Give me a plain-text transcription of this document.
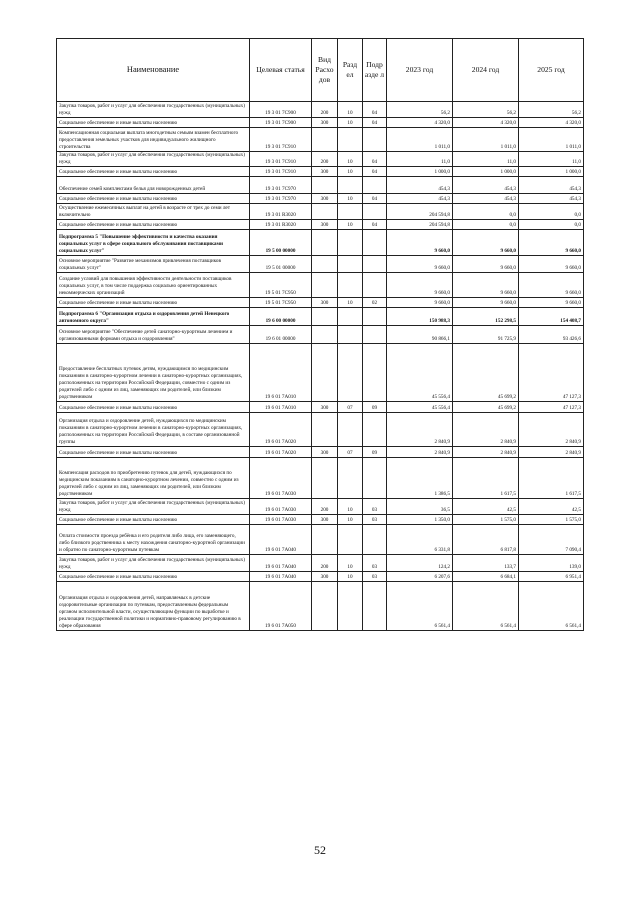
Наименование	Целевая статья	Вид Расхо дов	Разд ел	Подр азде л	2023 год	2024 год	2025 год
Закупка товаров, работ и услуг для обеспечения государственных (муниципальных) нужд	19 3 01 7С900	200	10	04	56,2	56,2	56,2
Социальное обеспечение и иные выплаты населению	19 3 01 7С900	300	10	04	4 320,0	4 320,0	4 320,0
Компенсационная социальная выплата многодетным семьям взамен бесплатного предоставления земельных участков для индивидуального жилищного строительства	19 3 01 7С910				1 011,0	1 011,0	1 011,0
Закупка товаров, работ и услуг для обеспечения государственных (муниципальных) нужд	19 3 01 7С910	200	10	04	11,0	11,0	11,0
Социальное обеспечение и иные выплаты населению	19 3 01 7С910	300	10	04	1 000,0	1 000,0	1 000,0
Обеспечение семей комплектами белья для новорожденных детей	19 3 01 7С970				454,3	454,3	454,3
Социальное обеспечение и иные выплаты населению	19 3 01 7С970	300	10	04	454,3	454,3	454,3
Осуществление ежемесячных выплат на детей в возрасте от трех до семи лет включительно	19 3 01 R3020				204 594,8	0,0	0,0
Социальное обеспечение и иные выплаты населению	19 3 01 R3020	300	10	04	204 594,8	0,0	0,0
Подпрограмма 5 "Повышение эффективности и качества оказания социальных услуг в сфере социального обслуживания поставщиками социальных услуг"	19 5 00 00000				9 660,0	9 660,0	9 660,0
Основное мероприятие "Развитие механизмов привлечения поставщиков социальных услуг"	19 5 01 00000				9 660,0	9 660,0	9 660,0
Создание условий для повышения эффективности деятельности поставщиков социальных услуг, в том числе поддержка социально ориентированных некоммерческих организаций	19 5 01 7С950				9 660,0	9 660,0	9 660,0
Социальное обеспечение и иные выплаты населению	19 5 01 7С950	300	10	02	9 660,0	9 660,0	9 660,0
Подпрограмма 6 "Организация отдыха и оздоровления детей Ненецкого автономного округа"	19 6 00 00000				150 988,3	152 298,5	154 408,7
Основное мероприятие "Обеспечение детей санаторно-курортным лечением и организованными формами отдыха и оздоровления"	19 6 01 00000				90 866,1	91 725,9	93 426,6
Предоставление бесплатных путевок детям, нуждающимся по медицинским показаниям в санаторно-курортном лечении в санаторно-курортных организациях, расположенных на территории Российской Федерации, совместно с одним из родителей либо с одним из лиц, заменяющих им родителей, или близким родственником	19 6 01 7А010				45 556,4	45 699,2	47 127,3
Социальное обеспечение и иные выплаты населению	19 6 01 7А010	300	07	09	45 556,4	45 699,2	47 127,3
Организация отдыха и оздоровление детей, нуждающихся по медицинским показаниям в санаторно-курортном лечении в санаторно-курортных организациях, расположенных на территории Российской Федерации, в составе организованной группы	19 6 01 7А020				2 840,9	2 840,9	2 840,9
Социальное обеспечение и иные выплаты населению	19 6 01 7А020	300	07	09	2 840,9	2 840,9	2 840,9
Компенсация расходов по приобретению путевок для детей, нуждающихся по медицинским показаниям в санаторно-курортном лечении, совместно с одним из родителей либо с одним из лиц, заменяющих им родителей, или близким родственником	19 6 01 7А030				1 386,5	1 617,5	1 617,5
Закупка товаров, работ и услуг для обеспечения государственных (муниципальных) нужд	19 6 01 7А030	200	10	03	36,5	42,5	42,5
Социальное обеспечение и иные выплаты населению	19 6 01 7А030	300	10	03	1 350,0	1 575,0	1 575,0
Оплата стоимости проезда ребёнка и его родителя либо лица, его заменяющего, либо близкого родственника к месту нахождения санаторно-курортной организации и обратно по санаторно-курортным путевкам	19 6 01 7А040				6 331,8	6 817,8	7 090,4
Закупка товаров, работ и услуг для обеспечения государственных (муниципальных) нужд	19 6 01 7А040	200	10	03	124,2	133,7	139,0
Социальное обеспечение и иные выплаты населению	19 6 01 7А040	300	10	03	6 207,6	6 684,1	6 951,4
Организация отдыха и оздоровления детей, направляемых в детские оздоровительные организации по путевкам, предоставленным федеральным органом исполнительной власти, осуществляющим функции по выработке и реализации государственной политики и нормативно-правовому регулированию в сфере образования	19 6 01 7А050				6 561,4	6 561,4	6 561,4
52
